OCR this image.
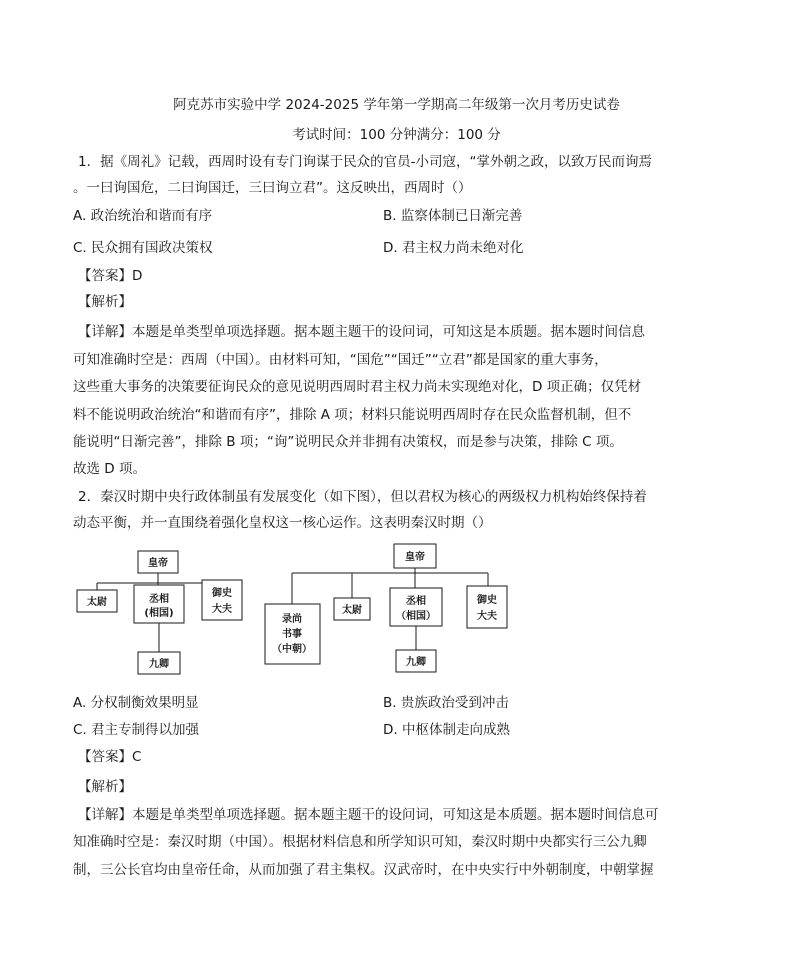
阿克苏市实验中学 2024-2025 学年第一学期高二年级第一次月考历史试卷
考试时间：100 分钟满分：100 分
1．据《周礼》记载，西周时设有专门询谋于民众的官员-小司寇，“掌外朝之政，以致万民而询焉
。一曰询国危，二曰询国迁，三曰询立君”。这反映出，西周时（）
A. 政治统治和谐而有序	B. 监察体制已日渐完善
C. 民众拥有国政决策权	D. 君主权力尚未绝对化
【答案】D
【解析】
【详解】本题是单类型单项选择题。据本题主题干的设问词，可知这是本质题。据本题时间信息
可知准确时空是：西周（中国）。由材料可知，“国危”“国迁”“立君”都是国家的重大事务，
这些重大事务的决策要征询民众的意见说明西周时君主权力尚未实现绝对化，D 项正确；仅凭材
料不能说明政治统治“和谐而有序”，排除 A 项；材料只能说明西周时存在民众监督机制，但不
能说明“日渐完善”，排除 B 项；“询”说明民众并非拥有决策权，而是参与决策，排除 C 项。
故选 D 项。
2．秦汉时期中央行政体制虽有发展变化（如下图），但以君权为核心的两级权力机构始终保持着
动态平衡，并一直围绕着强化皇权这一核心运作。这表明秦汉时期（）
皇帝
太尉	丞相
(相国)
御史
大夫
九卿
皇帝
录尚
书事
（中朝）
太尉
丞相
（相国）
御史
大夫
九卿
A. 分权制衡效果明显	B. 贵族政治受到冲击
C. 君主专制得以加强	D. 中枢体制走向成熟
【答案】C
【解析】
【详解】本题是单类型单项选择题。据本题主题干的设问词，可知这是本质题。据本题时间信息可
知准确时空是：秦汉时期（中国）。根据材料信息和所学知识可知，秦汉时期中央都实行三公九卿
制，三公长官均由皇帝任命，从而加强了君主集权。汉武帝时，在中央实行中外朝制度，中朝掌握
